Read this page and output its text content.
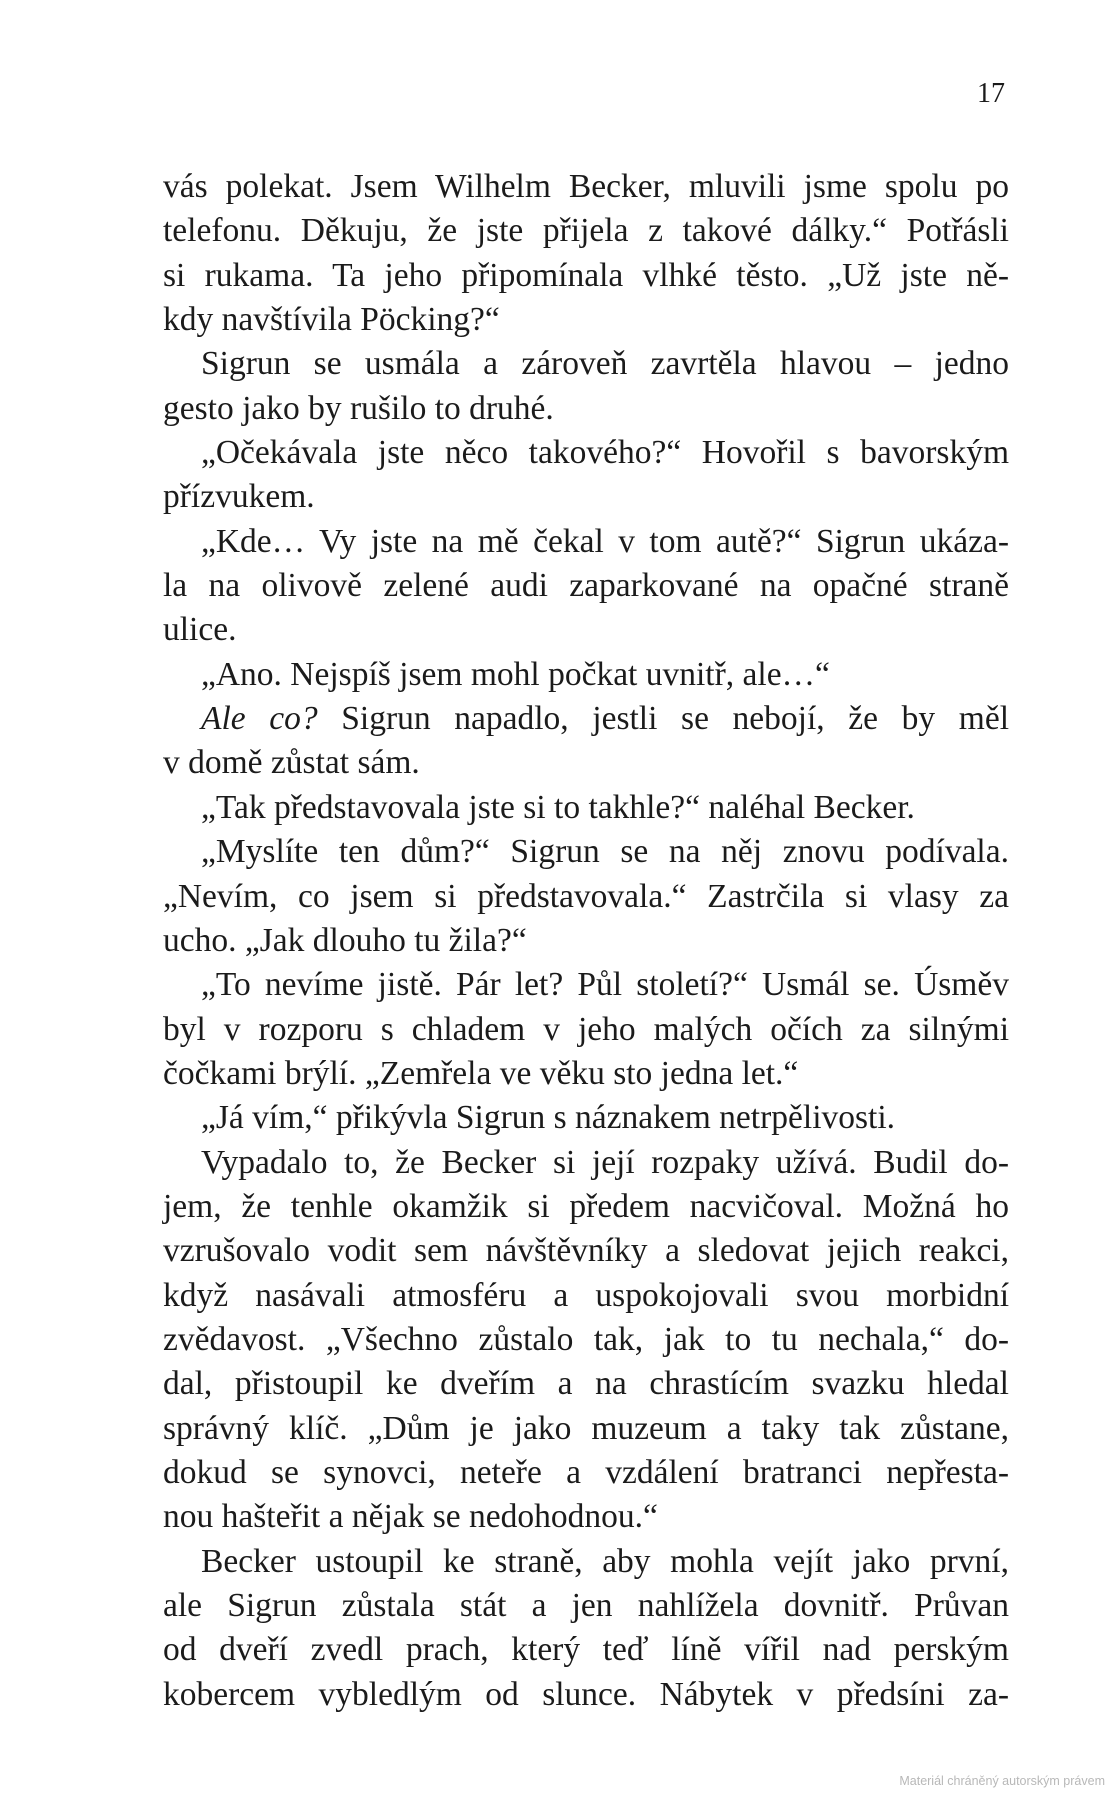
17
vás polekat. Jsem Wilhelm Becker, mluvili jsme spolu po
telefonu. Děkuju, že jste přijela z takové dálky.“ Potřásli
si rukama. Ta jeho připomínala vlhké těsto. „Už jste ně-
kdy navštívila Pöcking?“
Sigrun se usmála a zároveň zavrtěla hlavou – jedno
gesto jako by rušilo to druhé.
„Očekávala jste něco takového?“ Hovořil s bavorským
přízvukem.
„Kde… Vy jste na mě čekal v tom autě?“ Sigrun ukáza-
la na olivově zelené audi zaparkované na opačné straně
ulice.
„Ano. Nejspíš jsem mohl počkat uvnitř, ale…“
Ale co? Sigrun napadlo, jestli se nebojí, že by měl
v domě zůstat sám.
„Tak představovala jste si to takhle?“ naléhal Becker.
„Myslíte ten dům?“ Sigrun se na něj znovu podívala.
„Nevím, co jsem si představovala.“ Zastrčila si vlasy za
ucho. „Jak dlouho tu žila?“
„To nevíme jistě. Pár let? Půl století?“ Usmál se. Úsměv
byl v rozporu s chladem v jeho malých očích za silnými
čočkami brýlí. „Zemřela ve věku sto jedna let.“
„Já vím,“ přikývla Sigrun s náznakem netrpělivosti.
Vypadalo to, že Becker si její rozpaky užívá. Budil do-
jem, že tenhle okamžik si předem nacvičoval. Možná ho
vzrušovalo vodit sem návštěvníky a sledovat jejich reakci,
když nasávali atmosféru a uspokojovali svou morbidní
zvědavost. „Všechno zůstalo tak, jak to tu nechala,“ do-
dal, přistoupil ke dveřím a na chrastícím svazku hledal
správný klíč. „Dům je jako muzeum a taky tak zůstane,
dokud se synovci, neteře a vzdálení bratranci nepřesta-
nou hašteřit a nějak se nedohodnou.“
Becker ustoupil ke straně, aby mohla vejít jako první,
ale Sigrun zůstala stát a jen nahlížela dovnitř. Průvan
od dveří zvedl prach, který teď líně vířil nad perským
kobercem vybledlým od slunce. Nábytek v předsíni za-
Materiál chráněný autorským právem
